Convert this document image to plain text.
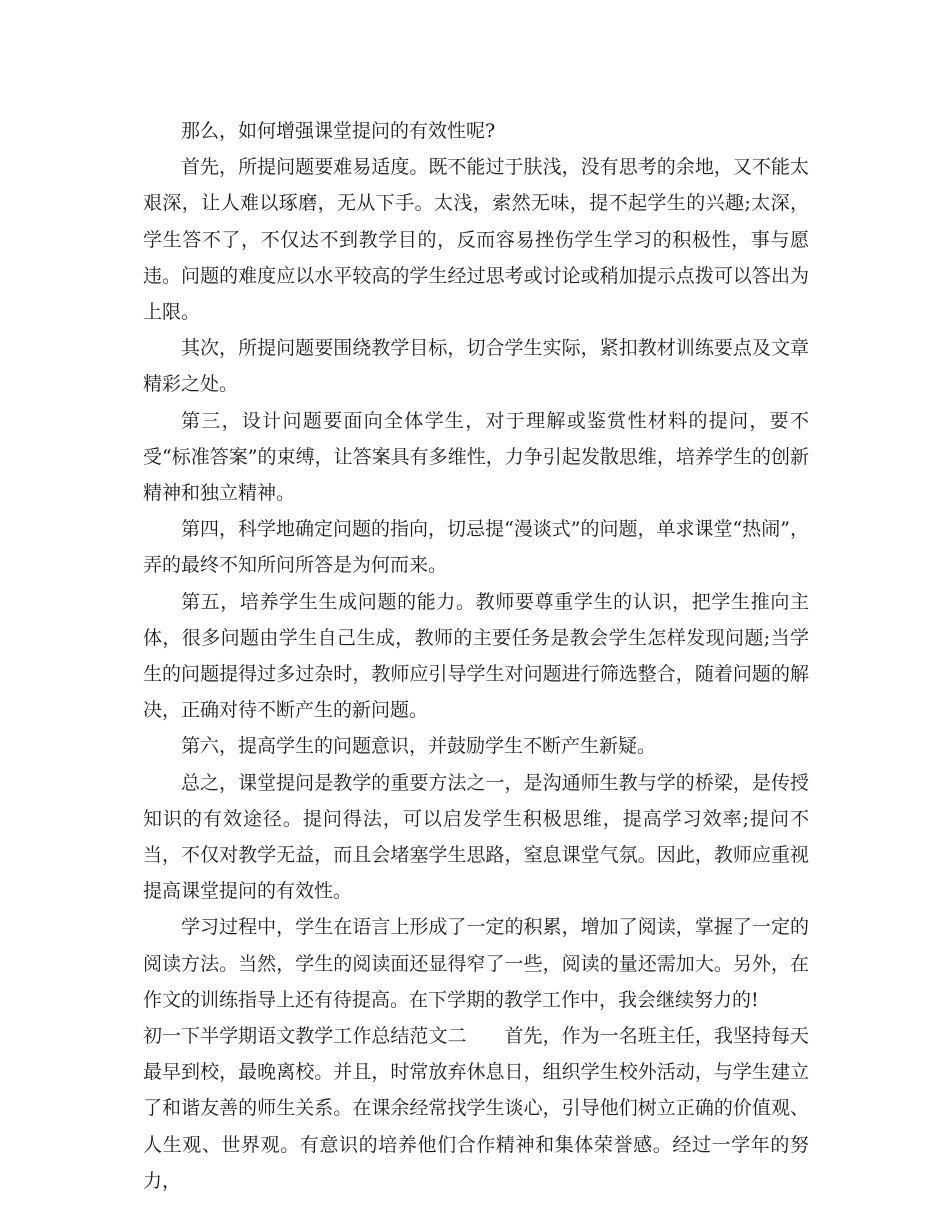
那么，如何增强课堂提问的有效性呢?

首先，所提问题要难易适度。既不能过于肤浅，没有思考的余地，又不能太艰深，让人难以琢磨，无从下手。太浅，索然无味，提不起学生的兴趣;太深，学生答不了，不仅达不到教学目的，反而容易挫伤学生学习的积极性，事与愿违。问题的难度应以水平较高的学生经过思考或讨论或稍加提示点拨可以答出为上限。

其次，所提问题要围绕教学目标，切合学生实际，紧扣教材训练要点及文章精彩之处。

第三，设计问题要面向全体学生，对于理解或鉴赏性材料的提问，要不受“标准答案”的束缚，让答案具有多维性，力争引起发散思维，培养学生的创新精神和独立精神。

第四，科学地确定问题的指向，切忌提“漫谈式”的问题，单求课堂“热闹”，弄的最终不知所问所答是为何而来。

第五，培养学生生成问题的能力。教师要尊重学生的认识，把学生推向主体，很多问题由学生自己生成，教师的主要任务是教会学生怎样发现问题;当学生的问题提得过多过杂时，教师应引导学生对问题进行筛选整合，随着问题的解决，正确对待不断产生的新问题。

第六，提高学生的问题意识，并鼓励学生不断产生新疑。

总之，课堂提问是教学的重要方法之一，是沟通师生教与学的桥梁，是传授知识的有效途径。提问得法，可以启发学生积极思维，提高学习效率;提问不当，不仅对教学无益，而且会堵塞学生思路，窒息课堂气氛。因此，教师应重视提高课堂提问的有效性。

学习过程中，学生在语言上形成了一定的积累，增加了阅读，掌握了一定的阅读方法。当然，学生的阅读面还显得窄了一些，阅读的量还需加大。另外，在作文的训练指导上还有待提高。在下学期的教学工作中，我会继续努力的!

初一下半学期语文教学工作总结范文二 首先，作为一名班主任，我坚持每天最早到校，最晚离校。并且，时常放弃休息日，组织学生校外活动，与学生建立了和谐友善的师生关系。在课余经常找学生谈心，引导他们树立正确的价值观、人生观、世界观。有意识的培养他们合作精神和集体荣誉感。经过一学年的努力，
